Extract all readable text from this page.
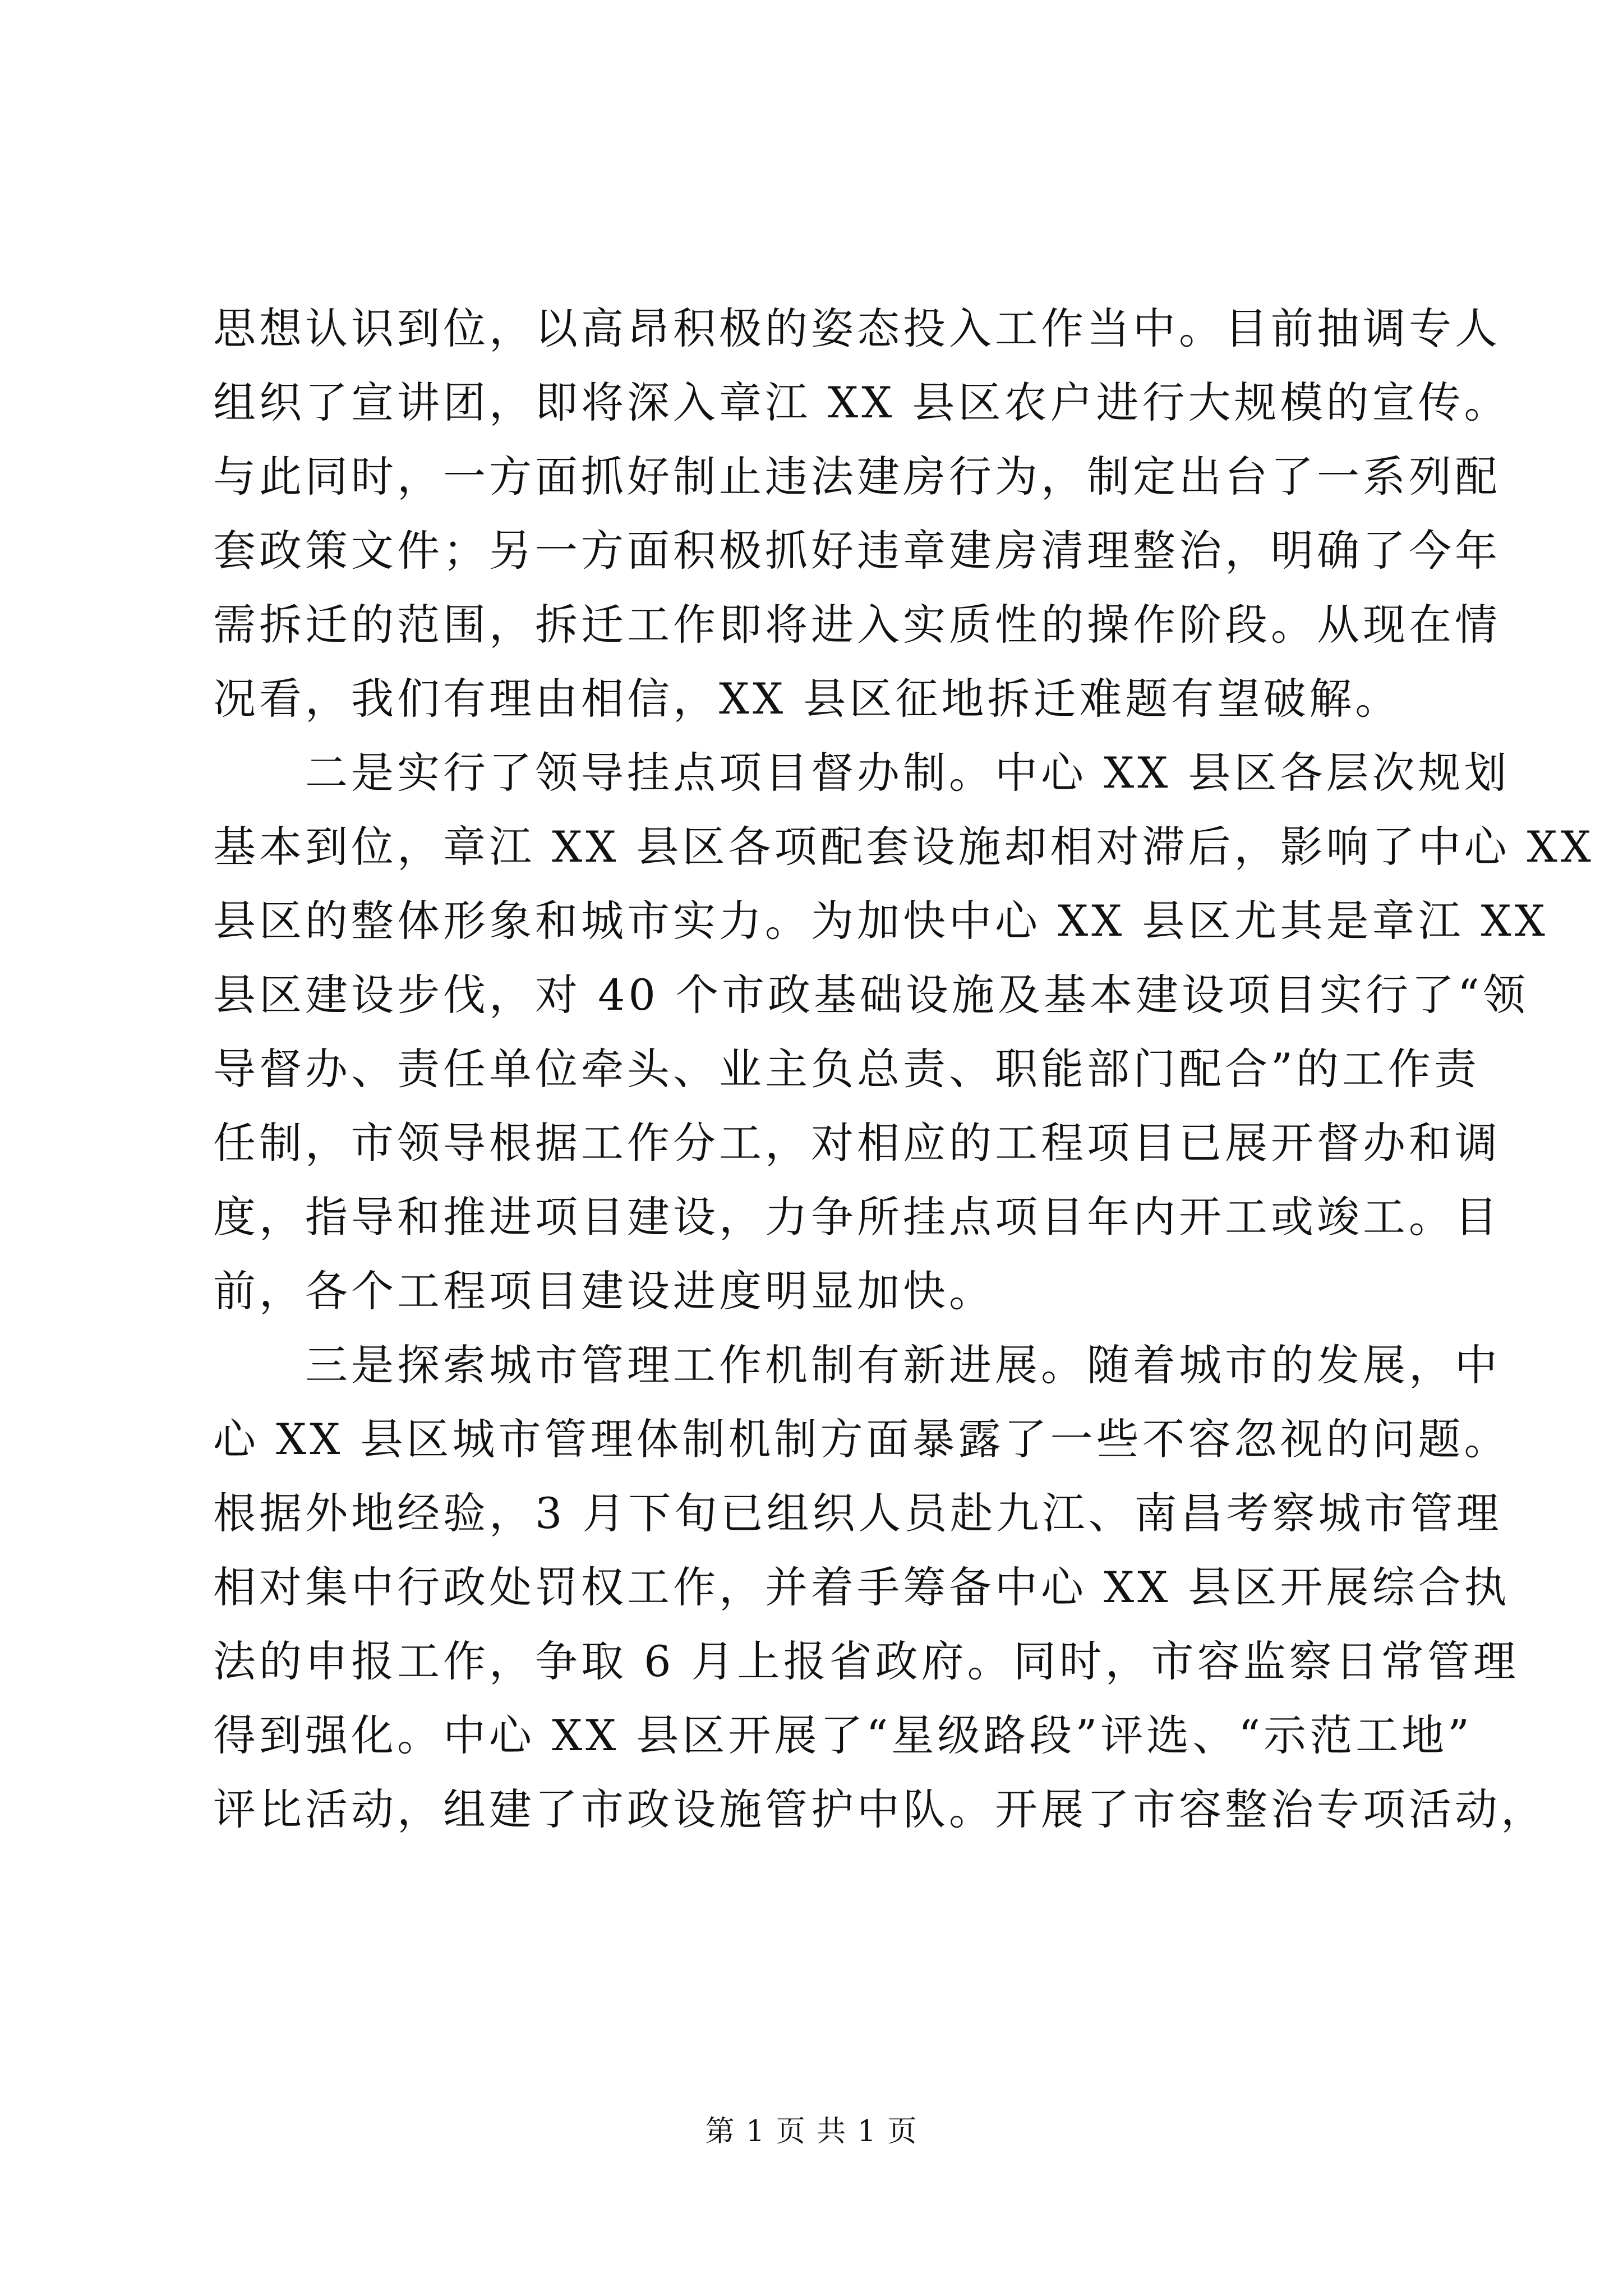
思想认识到位，以高昂积极的姿态投入工作当中。目前抽调专人
组织了宣讲团，即将深入章江 XX 县区农户进行大规模的宣传。
与此同时，一方面抓好制止违法建房行为，制定出台了一系列配
套政策文件；另一方面积极抓好违章建房清理整治，明确了今年
需拆迁的范围，拆迁工作即将进入实质性的操作阶段。从现在情
况看，我们有理由相信，XX 县区征地拆迁难题有望破解。
　　二是实行了领导挂点项目督办制。中心 XX 县区各层次规划
基本到位，章江 XX 县区各项配套设施却相对滞后，影响了中心 XX
县区的整体形象和城市实力。为加快中心 XX 县区尤其是章江 XX
县区建设步伐，对 40 个市政基础设施及基本建设项目实行了“领
导督办、责任单位牵头、业主负总责、职能部门配合”的工作责
任制，市领导根据工作分工，对相应的工程项目已展开督办和调
度，指导和推进项目建设，力争所挂点项目年内开工或竣工。目
前，各个工程项目建设进度明显加快。
　　三是探索城市管理工作机制有新进展。随着城市的发展，中
心 XX 县区城市管理体制机制方面暴露了一些不容忽视的问题。
根据外地经验，3 月下旬已组织人员赴九江、南昌考察城市管理
相对集中行政处罚权工作，并着手筹备中心 XX 县区开展综合执
法的申报工作，争取 6 月上报省政府。同时，市容监察日常管理
得到强化。中心 XX 县区开展了“星级路段”评选、“示范工地”
评比活动，组建了市政设施管护中队。开展了市容整治专项活动，
第 1 页 共 1 页
